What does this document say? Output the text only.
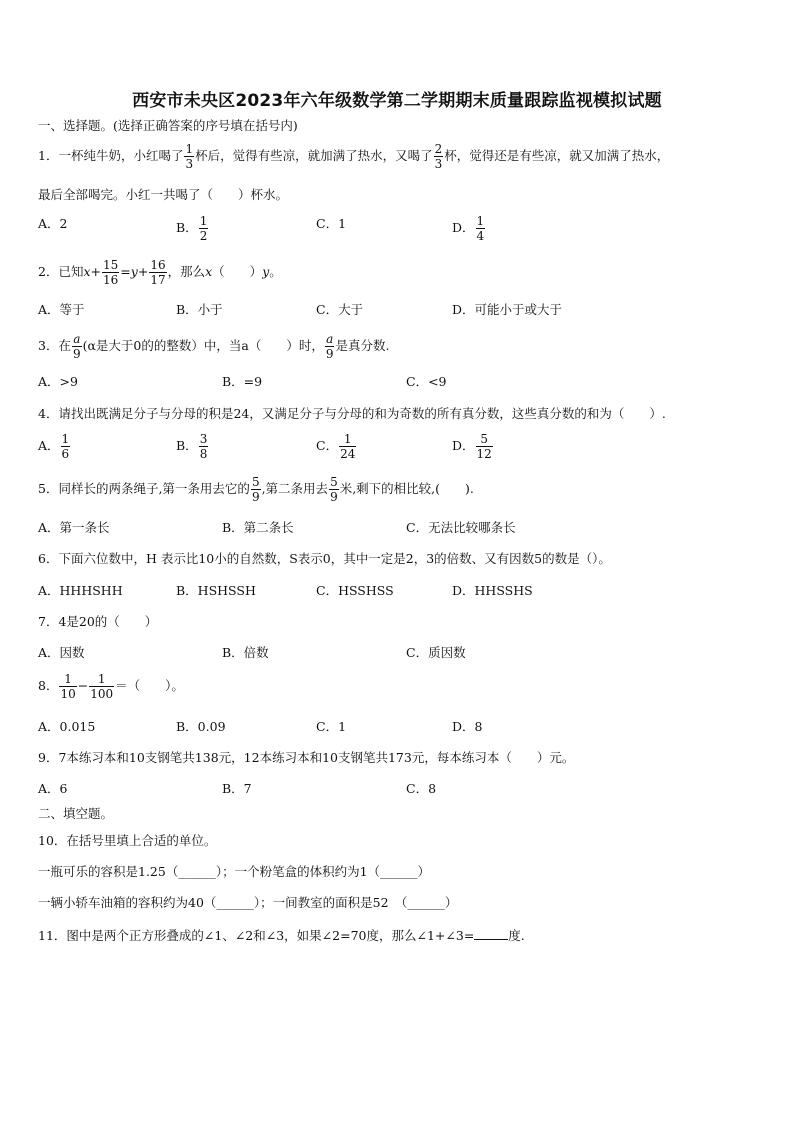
西安市未央区2023年六年级数学第二学期期末质量跟踪监视模拟试题
一、选择题。(选择正确答案的序号填在括号内)
1．一杯纯牛奶，小红喝了 $\frac{1}{3}$ 杯后，觉得有些凉，就加满了热水，又喝了 $\frac{2}{3}$ 杯，觉得还是有些凉，就又加满了热水，
最后全部喝完。小红一共喝了（　　）杯水。
A．2	B． $\frac{1}{2}$	C．1	D． $\frac{1}{4}$
2．已知$x+ \frac{15}{16} =y+ \frac{16}{17}$ ，那么x（　　）y。
A．等于	B．小于	C．大于	D．可能小于或大于
3．在 $\frac{a}{9} (\alpha$是大于0的的整数）中，当a（　　）时， $\frac{a}{9}$ 是真分数.
A．>9	B．=9	C．<9
4．请找出既满足分子与分母的积是24，又满足分子与分母的和为奇数的所有真分数，这些真分数的和为（　　）.
A． $\frac{1}{6}$	B． $\frac{3}{8}$	C． $\frac{1}{24}$	D． $\frac{5}{12}$
5．同样长的两条绳子,第一条用去它的 $\frac{5}{9}$ ,第二条用去 $\frac{5}{9}$ 米,剩下的相比较,(　　).
A．第一条长	B．第二条长	C．无法比较哪条长
6．下面六位数中，H 表示比10小的自然数，S表示0，其中一定是2，3的倍数、又有因数5的数是（）。
A．HHHSHH	B．HSHSSH	C．HSSHSS	D．HHSSHS
7．4是20的（　　）
A．因数	B．倍数	C．质因数
8． $\frac{1}{10} - \frac{1}{100}$ ＝（　　）。
A．0.015	B．0.09	C．1	D．8
9．7本练习本和10支钢笔共138元，12本练习本和10支钢笔共173元，每本练习本（　　）元。
A．6	B．7	C．8
二、填空题。
10．在括号里填上合适的单位。
一瓶可乐的容积是1.25（______）；一个粉笔盒的体积约为1（______）
一辆小轿车油箱的容积约为40（______）；一间教室的面积是52　（______）
11．图中是两个正方形叠成的∠1、∠2和∠3，如果∠2=70度，那么∠1+∠3=	度.
